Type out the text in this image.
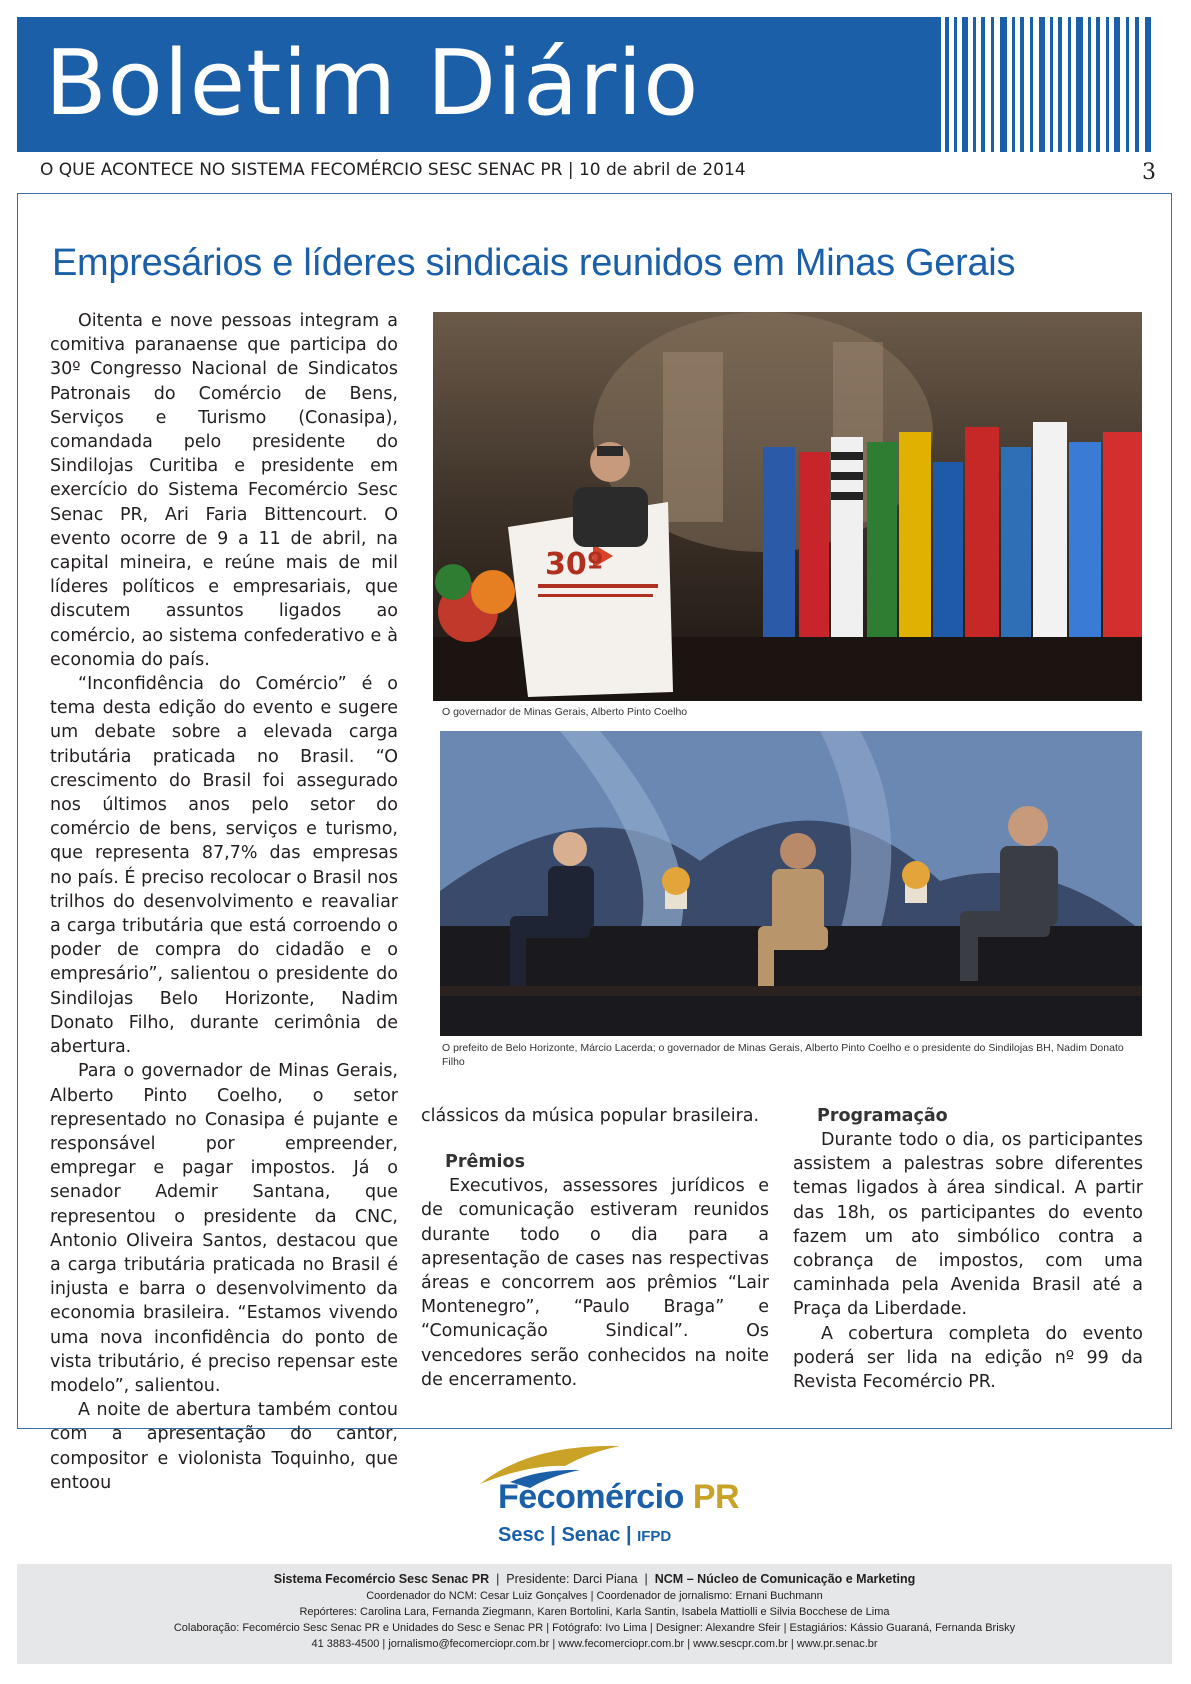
Boletim Diário
O QUE ACONTECE NO SISTEMA FECOMÉRCIO SESC SENAC PR | 10 de abril de 2014	3
Empresários e líderes sindicais reunidos em Minas Gerais

Oitenta e nove pessoas integram a comitiva paranaense que participa do 30º Congresso Nacional de Sindicatos Patronais do Comércio de Bens, Serviços e Turismo (Conasipa), comandada pelo presidente do Sindilojas Curitiba e presidente em exercício do Sistema Fecomércio Sesc Senac PR, Ari Faria Bittencourt. O evento ocorre de 9 a 11 de abril, na capital mineira, e reúne mais de mil líderes políticos e empresariais, que discutem assuntos ligados ao comércio, ao sistema confederativo e à economia do país.

“Inconfidência do Comércio” é o tema desta edição do evento e sugere um debate sobre a elevada carga tributária praticada no Brasil. “O crescimento do Brasil foi assegurado nos últimos anos pelo setor do comércio de bens, serviços e turismo, que representa 87,7% das empresas no país. É preciso recolocar o Brasil nos trilhos do desenvolvimento e reavaliar a carga tributária que está corroendo o poder de compra do cidadão e o empresário”, salientou o presidente do Sindilojas Belo Horizonte, Nadim Donato Filho, durante cerimônia de abertura.

Para o governador de Minas Gerais, Alberto Pinto Coelho, o setor representado no Conasipa é pujante e responsável por empreender, empregar e pagar impostos. Já o senador Ademir Santana, que representou o presidente da CNC, Antonio Oliveira Santos, destacou que a carga tributária praticada no Brasil é injusta e barra o desenvolvimento da economia brasileira. “Estamos vivendo uma nova inconfidência do ponto de vista tributário, é preciso repensar este modelo”, salientou.

A noite de abertura também contou com a apresentação do cantor, compositor e violonista Toquinho, que entoou

30º
O governador de Minas Gerais, Alberto Pinto Coelho
O prefeito de Belo Horizonte, Márcio Lacerda; o governador de Minas Gerais, Alberto Pinto Coelho e o presidente do Sindilojas BH, Nadim Donato Filho

clássicos da música popular brasileira.

Prêmios

Executivos, assessores jurídicos e de comunicação estiveram reunidos durante todo o dia para a apresentação de cases nas respectivas áreas e concorrem aos prêmios “Lair Montenegro”, “Paulo Braga” e “Comunicação Sindical”. Os vencedores serão conhecidos na noite de encerramento.

Programação

Durante todo o dia, os participantes assistem a palestras sobre diferentes temas ligados à área sindical. A partir das 18h, os participantes do evento fazem um ato simbólico contra a cobrança de impostos, com uma caminhada pela Avenida Brasil até a Praça da Liberdade.

A cobertura completa do evento poderá ser lida na edição nº 99 da Revista Fecomércio PR.

Fecomércio PR
Sesc | Senac | IFPD
Sistema Fecomércio Sesc Senac PR  |  Presidente: Darci Piana  |  NCM – Núcleo de Comunicação e Marketing
Coordenador do NCM: Cesar Luiz Gonçalves | Coordenador de jornalismo: Ernani Buchmann
Repórteres: Carolina Lara, Fernanda Ziegmann, Karen Bortolini, Karla Santin, Isabela Mattiolli e Silvia Bocchese de Lima
Colaboração: Fecomércio Sesc Senac PR e Unidades do Sesc e Senac PR | Fotógrafo: Ivo Lima | Designer: Alexandre Sfeir | Estagiários: Kássio Guaraná, Fernanda Brisky
41 3883-4500 | jornalismo@fecomerciopr.com.br | www.fecomerciopr.com.br | www.sescpr.com.br | www.pr.senac.br
